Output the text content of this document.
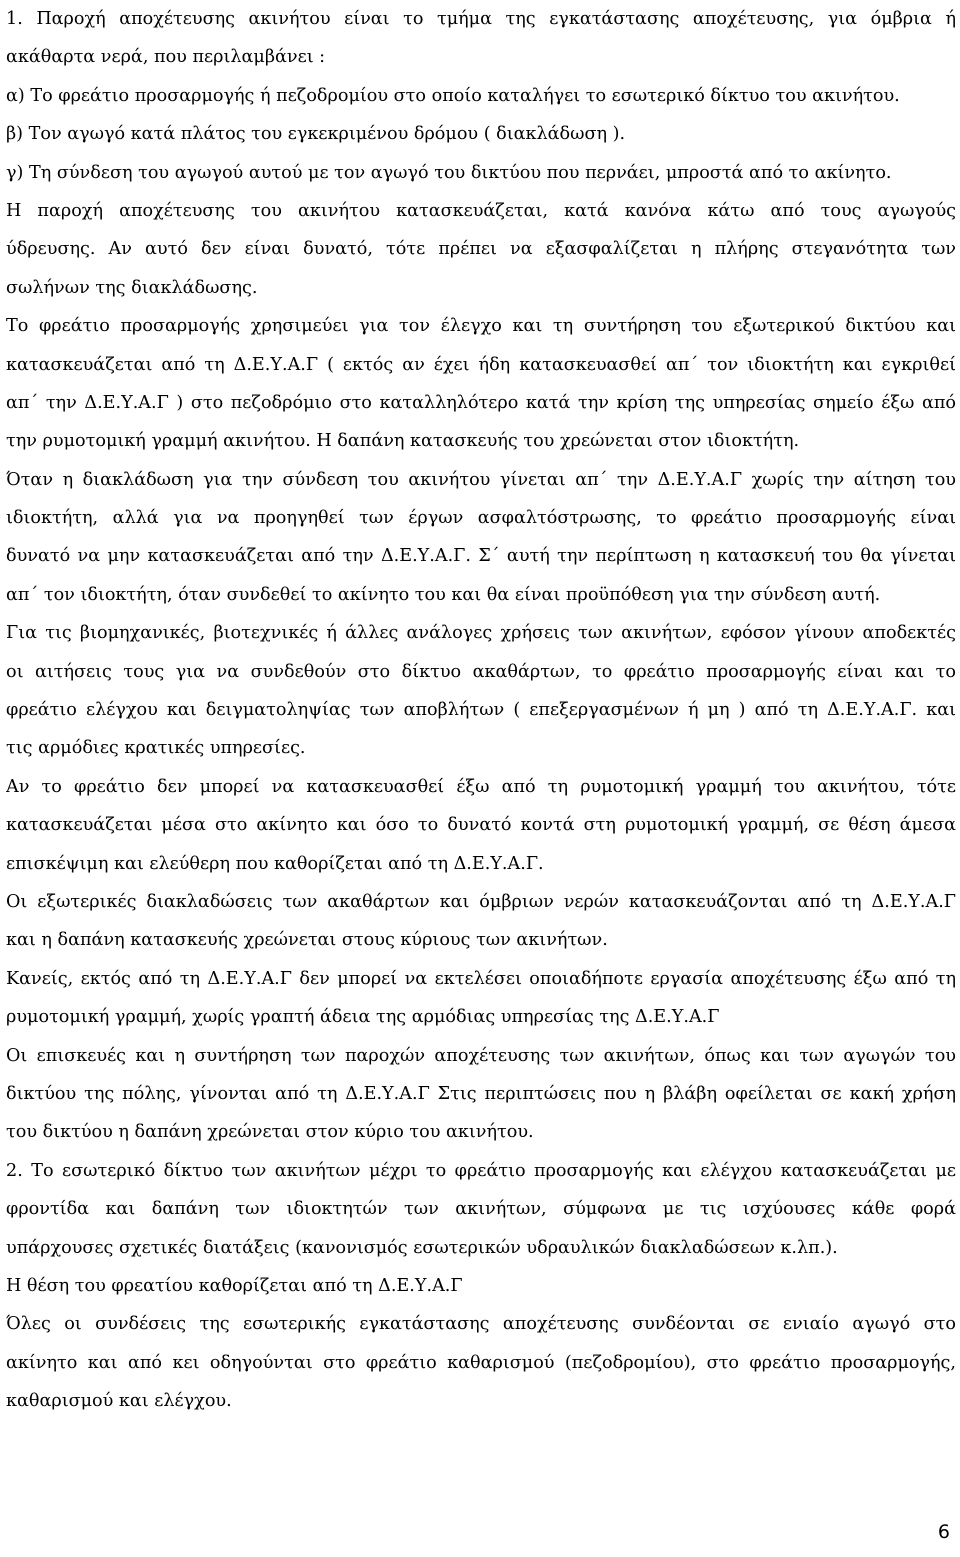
1. Παροχή αποχέτευσης ακινήτου είναι το τμήμα της εγκατάστασης αποχέτευσης, για όμβρια ή
ακάθαρτα νερά, που περιλαμβάνει :
α) Το φρεάτιο προσαρμογής ή πεζοδρομίου στο οποίο καταλήγει το εσωτερικό δίκτυο του ακινήτου.
β) Τον αγωγό κατά πλάτος του εγκεκριμένου δρόμου ( διακλάδωση ).
γ) Τη σύνδεση του αγωγού αυτού με τον αγωγό του δικτύου που περνάει, μπροστά από το ακίνητο.
Η παροχή αποχέτευσης του ακινήτου κατασκευάζεται, κατά κανόνα κάτω από τους αγωγούς
ύδρευσης. Αν αυτό δεν είναι δυνατό, τότε πρέπει να εξασφαλίζεται η πλήρης στεγανότητα των
σωλήνων της διακλάδωσης.
Το φρεάτιο προσαρμογής χρησιμεύει για τον έλεγχο και τη συντήρηση του εξωτερικού δικτύου και
κατασκευάζεται από τη Δ.Ε.Υ.Α.Γ ( εκτός αν έχει ήδη κατασκευασθεί απ΄ τον ιδιοκτήτη και εγκριθεί
απ΄ την Δ.Ε.Υ.Α.Γ ) στο πεζοδρόμιο στο καταλληλότερο κατά την κρίση της υπηρεσίας σημείο έξω από
την ρυμοτομική γραμμή ακινήτου. Η δαπάνη κατασκευής του χρεώνεται στον ιδιοκτήτη.
Όταν η διακλάδωση για την σύνδεση του ακινήτου γίνεται απ΄ την Δ.Ε.Υ.Α.Γ χωρίς την αίτηση του
ιδιοκτήτη, αλλά για να προηγηθεί των έργων ασφαλτόστρωσης, το φρεάτιο προσαρμογής είναι
δυνατό να μην κατασκευάζεται από την Δ.Ε.Υ.Α.Γ. Σ΄ αυτή την περίπτωση η κατασκευή του θα γίνεται
απ΄ τον ιδιοκτήτη, όταν συνδεθεί το ακίνητο του και θα είναι προϋπόθεση για την σύνδεση αυτή.
Για τις βιομηχανικές, βιοτεχνικές ή άλλες ανάλογες χρήσεις των ακινήτων, εφόσον γίνουν αποδεκτές
οι αιτήσεις τους για να συνδεθούν στο δίκτυο ακαθάρτων, το φρεάτιο προσαρμογής είναι και το
φρεάτιο ελέγχου και δειγματοληψίας των αποβλήτων ( επεξεργασμένων ή μη ) από τη Δ.Ε.Υ.Α.Γ. και
τις αρμόδιες κρατικές υπηρεσίες.
Αν το φρεάτιο δεν μπορεί να κατασκευασθεί έξω από τη ρυμοτομική γραμμή του ακινήτου, τότε
κατασκευάζεται μέσα στο ακίνητο και όσο το δυνατό κοντά στη ρυμοτομική γραμμή, σε θέση άμεσα
επισκέψιμη και ελεύθερη που καθορίζεται από τη Δ.Ε.Υ.Α.Γ.
Οι εξωτερικές διακλαδώσεις των ακαθάρτων και όμβριων νερών κατασκευάζονται από τη Δ.Ε.Υ.Α.Γ
και η δαπάνη κατασκευής χρεώνεται στους κύριους των ακινήτων.
Κανείς, εκτός από τη Δ.Ε.Υ.Α.Γ δεν μπορεί να εκτελέσει οποιαδήποτε εργασία αποχέτευσης έξω από τη
ρυμοτομική γραμμή, χωρίς γραπτή άδεια της αρμόδιας υπηρεσίας της Δ.Ε.Υ.Α.Γ
Οι επισκευές και η συντήρηση των παροχών αποχέτευσης των ακινήτων, όπως και των αγωγών του
δικτύου της πόλης, γίνονται από τη Δ.Ε.Υ.Α.Γ Στις περιπτώσεις που η βλάβη οφείλεται σε κακή χρήση
του δικτύου η δαπάνη χρεώνεται στον κύριο του ακινήτου.
2. Το εσωτερικό δίκτυο των ακινήτων μέχρι το φρεάτιο προσαρμογής και ελέγχου κατασκευάζεται με
φροντίδα και δαπάνη των ιδιοκτητών των ακινήτων, σύμφωνα με τις ισχύουσες κάθε φορά
υπάρχουσες σχετικές διατάξεις (κανονισμός εσωτερικών υδραυλικών διακλαδώσεων κ.λπ.).
Η θέση του φρεατίου καθορίζεται από τη Δ.Ε.Υ.Α.Γ
Όλες οι συνδέσεις της εσωτερικής εγκατάστασης αποχέτευσης συνδέονται σε ενιαίο αγωγό στο
ακίνητο και από κει οδηγούνται στο φρεάτιο καθαρισμού (πεζοδρομίου), στο φρεάτιο προσαρμογής,
καθαρισμού και ελέγχου.
6
